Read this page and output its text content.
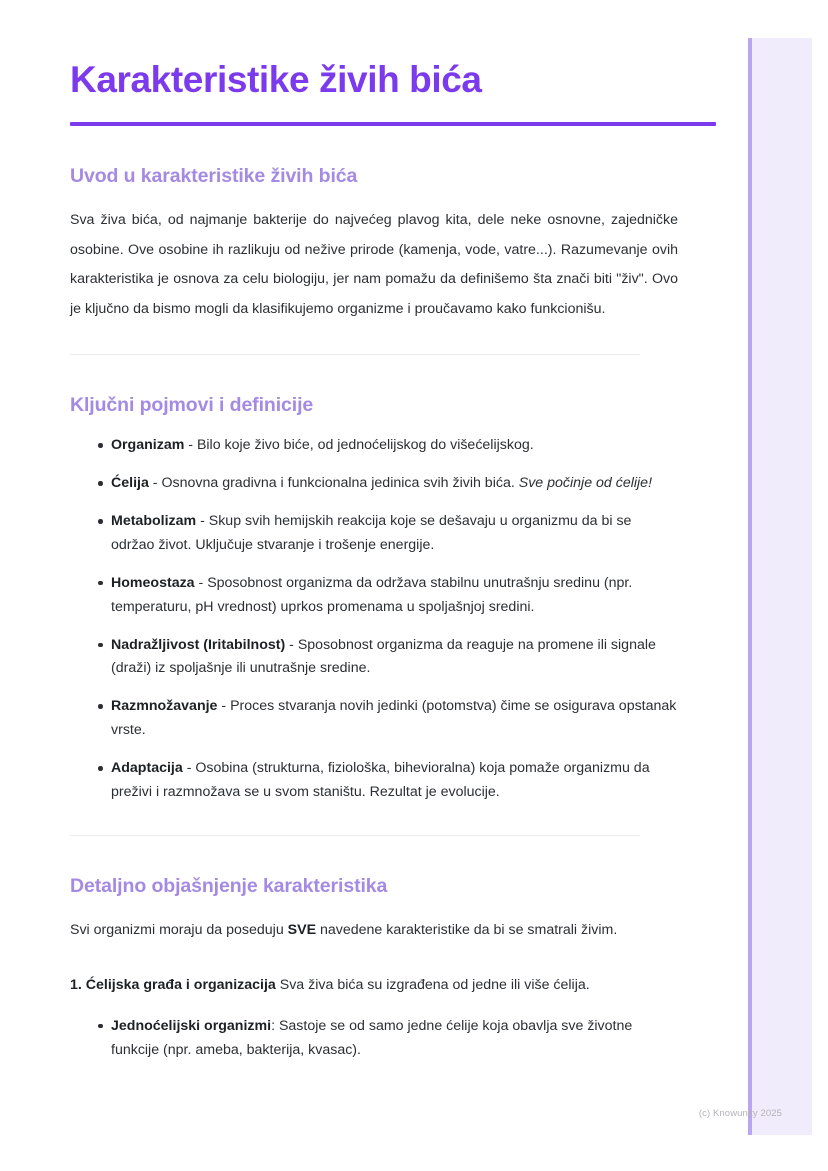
Karakteristike živih bića
Uvod u karakteristike živih bića

Sva živa bića, od najmanje bakterije do najvećeg plavog kita, dele neke osnovne, zajedničke osobine. Ove osobine ih razlikuju od nežive prirode (kamenja, vode, vatre...). Razumevanje ovih karakteristika je osnova za celu biologiju, jer nam pomažu da definišemo šta znači biti "živ". Ovo je ključno da bismo mogli da klasifikujemo organizme i proučavamo kako funkcionišu.

Ključni pojmovi i definicije
Organizam - Bilo koje živo biće, od jednoćelijskog do višećelijskog.
Ćelija - Osnovna gradivna i funkcionalna jedinica svih živih bića. Sve počinje od ćelije!
Metabolizam - Skup svih hemijskih reakcija koje se dešavaju u organizmu da bi se održao život. Uključuje stvaranje i trošenje energije.
Homeostaza - Sposobnost organizma da održava stabilnu unutrašnju sredinu (npr. temperaturu, pH vrednost) uprkos promenama u spoljašnjoj sredini.
Nadražljivost (Iritabilnost) - Sposobnost organizma da reaguje na promene ili signale (draži) iz spoljašnje ili unutrašnje sredine.
Razmnožavanje - Proces stvaranja novih jedinki (potomstva) čime se osigurava opstanak vrste.
Adaptacija - Osobina (strukturna, fiziološka, bihevioralna) koja pomaže organizmu da preživi i razmnožava se u svom staništu. Rezultat je evolucije.
Detaljno objašnjenje karakteristika

Svi organizmi moraju da poseduju SVE navedene karakteristike da bi se smatrali živim.

1. Ćelijska građa i organizacija Sva živa bića su izgrađena od jedne ili više ćelija.

Jednoćelijski organizmi: Sastoje se od samo jedne ćelije koja obavlja sve životne funkcije (npr. ameba, bakterija, kvasac).
(c) Knowunity 2025
